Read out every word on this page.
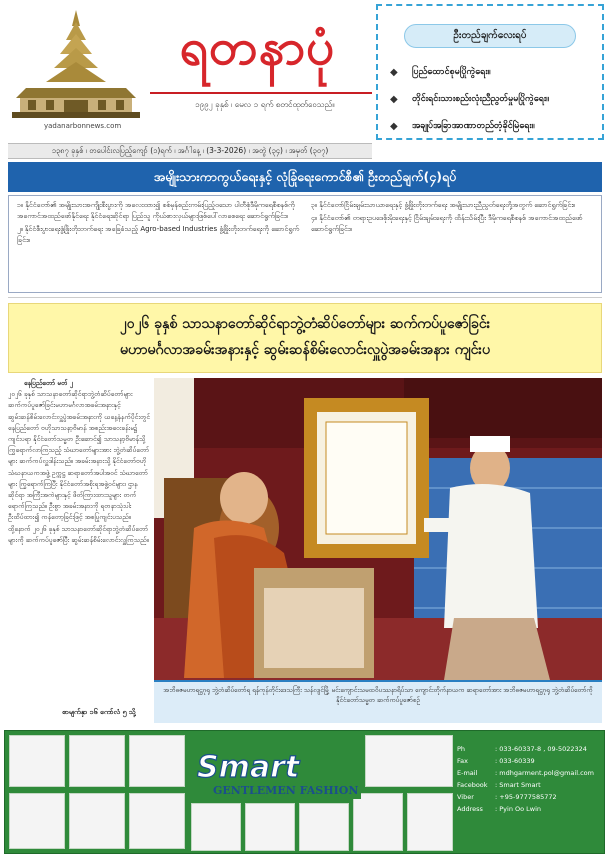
yadanarbonnews.com
ရတနာပုံ
၁၉၉၂ ခုနှစ် ၊ မေလ ၁ ရက် စတင်ထုတ်ဝေသည်။
ဦးတည်ချက်လေးရပ်
◆ ပြည်ထောင်စုမပြိုကွဲရေး။
◆ တိုင်းရင်းသားစည်းလုံးညီညွတ်မှုမပြိုကွဲရေး။
◆ အချုပ်အခြာအာဏာတည်တံ့ခိုင်မြဲရေး။
၁၃၈၇ ခုနှစ် ၊ တပေါင်းလပြည့်ကျော် (၁)ရက် ၊ အင်္ဂါနေ့ ၊ (3-3-2026) ၊ အတွဲ (၃၄) ၊ အမှတ် (၃၀၇)
အမျိုးသားကာကွယ်ရေးနှင့် လုံခြုံရေးကောင်စီ၏ ဦးတည်ချက်(၄)ရပ်

၁။ နိုင်ငံတော်၏ အမျိုးသားအကျိုးစီးပွားကို အလေးထား၍ စစ်မှန်စည်းကမ်းပြည့်ဝသော ပါတီစုံဒီမိုကရေစီစနစ်ကို အကောင်အထည်ဖော်နိုင်ရေး နိုင်ငံရေးဆိုင်ရာ ပြည်သူ ကိုယ်စားလှယ်များဖြစ်ပေါ်လာစေရေး ဆောင်ရွက်ခြင်း။

၂။ နိုင်ငံစီးပွားရေးဖွံ့ဖြိုးတိုးတက်ရေး အခြေခံသည့် Agro-based Industries ဖွံ့ဖြိုးတိုးတက်ရေးကို ဆောင်ရွက်ခြင်း။

၃။ နိုင်ငံတော်ငြိမ်းချမ်းသာယာရေးနှင့် ဖွံ့ဖြိုးတိုးတက်ရေး အမျိုးသားညီညွတ်ရေးတို့အတွက် ဆောင်ရွက်ခြင်း။

၄။ နိုင်ငံတော်၏ တရားဥပဒေစိုးမိုးရေးနှင့် ငြိမ်းချမ်းရေးကို ထိန်းသိမ်းပြီး ဒီမိုကရေစီစနစ် အကောင်အထည်ဖော်ဆောင်ရွက်ခြင်း။

၂၀၂၆ ခုနှစ် သာသနာတော်ဆိုင်ရာဘွဲ့တံဆိပ်တော်များ ဆက်ကပ်ပူဇော်ခြင်း
မဟာမင်္ဂလာအခမ်းအနားနှင့် ဆွမ်းဆန်စိမ်းလောင်းလှူပွဲအခမ်းအနား ကျင်းပ
နေပြည်တော် မတ် ၂
၂၀၂၆ ခုနှစ် သာသနာတော်ဆိုင်ရာဘွဲ့တံဆိပ်တော်များ ဆက်ကပ်ပူဇော်ခြင်းမဟာမင်္ဂလာအခမ်းအနားနှင့် ဆွမ်းဆန်စိမ်းလောင်းလှူပွဲအခမ်းအနားကို ယနေ့နံနက်ပိုင်းတွင် နေပြည်တော် ဗဟိုသာသနာ့ဗိမာန် အစည်းအဝေးခန်းမ၌ ကျင်းပရာ နိုင်ငံတော်သမ္မတ ဦးဆောင်၍ သာသနာ့ဗိမာန်သို့ ကြွရောက်လာကြသည့် သံဃာတော်များအား ဘွဲ့တံဆိပ်တော်များ ဆက်ကပ်လှူဒါန်းသည်။ အခမ်းအနားသို့ နိုင်ငံတော်ဗဟိုသံဃနာယကအဖွဲ့ ဥက္ကဋ္ဌ ဆရာတော်အပါအဝင် သံဃာတော်များ ကြွရောက်ကြပြီး နိုင်ငံတော်အစိုးရအဖွဲ့ဝင်များ၊ ဌာနဆိုင်ရာ အကြီးအကဲများနှင့် ဖိတ်ကြားထားသူများ တက်ရောက်ကြသည်။ ဦးစွာ အခမ်းအနားကို ရတနာသုံးပါး ဦးထိပ်ထား၍ ကန်တော့ခြင်းဖြင့် အစပြုကျင်းပသည်။ ထို့နောက် ၂၀၂၆ ခုနှစ် သာသနာတော်ဆိုင်ရာဘွဲ့တံဆိပ်တော်များကို ဆက်ကပ်ပူဇော်ပြီး ဆွမ်းဆန်စိမ်းလောင်းလှူကြသည်။
စာမျက်နှာ ၁၆ ကော်လံ ၅ သို့
အဘိဓဇမဟာရဋ္ဌဂုရု ဘွဲ့တံဆိပ်တော်ရ ရန်ကုန်တိုင်းဒေသကြီး သန်လျင်မြို့ မင်းကျောင်းသမထဝိပဿနာရိပ်သာ ကျောင်းတိုက်နာယက ဆရာတော်အား အဘိဓဇမဟာရဋ္ဌဂုရု ဘွဲ့တံဆိပ်တော်ကို နိုင်ငံတော်သမ္မတ ဆက်ကပ်ပူဇော်စဉ်
Smart
GENTLEMEN FASHION
Ph	: 033-60337-8 , 09-5022324
Fax	: 033-60339
E-mail	: mdhgarment.pol@gmail.com
Facebook	: Smart Smart
Viber	: +95-9777585772
Address	: Pyin Oo Lwin
